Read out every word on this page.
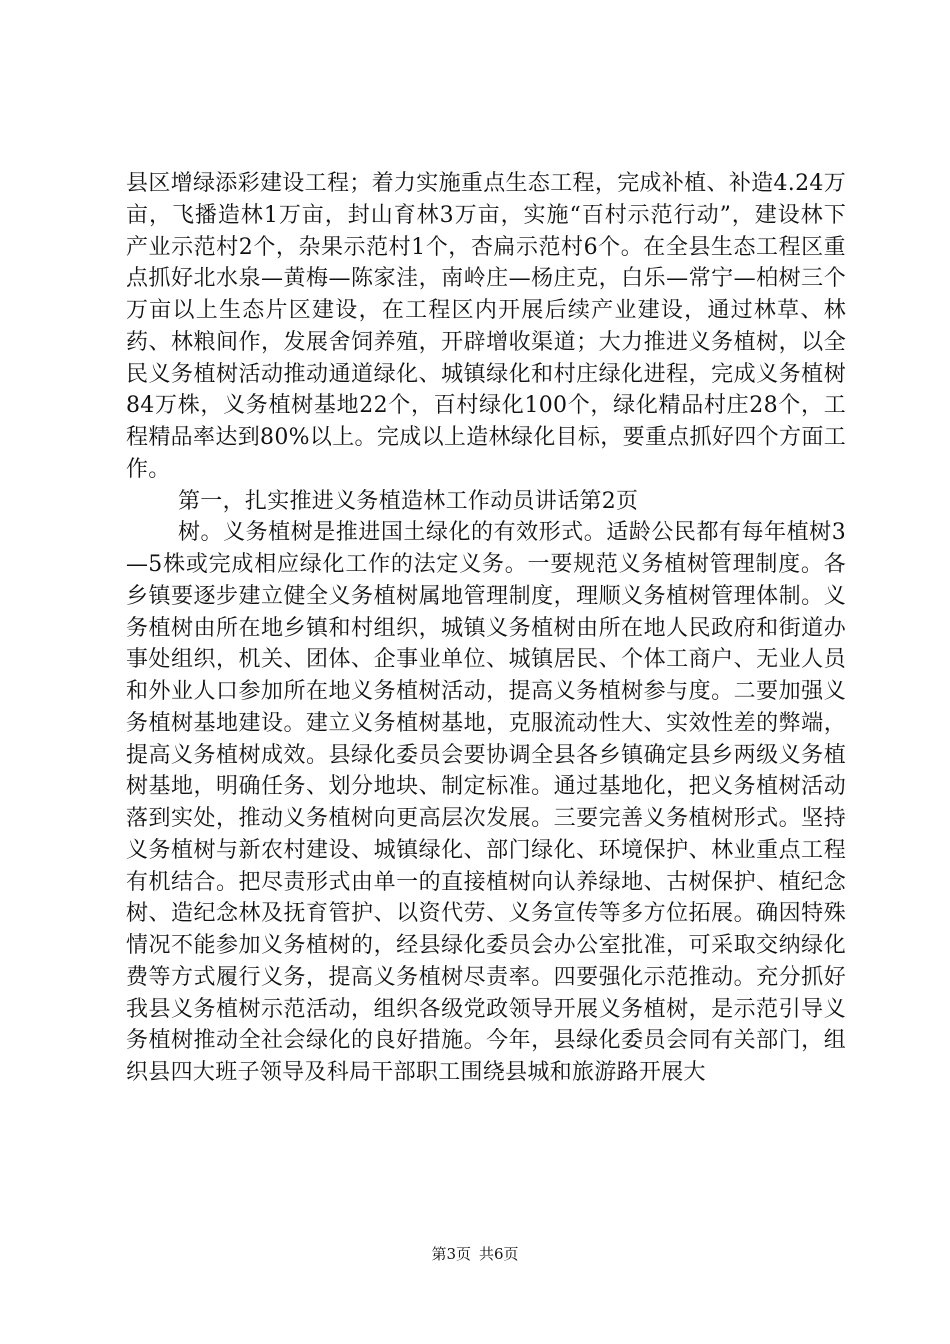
县区增绿添彩建设工程；着力实施重点生态工程，完成补植、补造4.24万亩，飞播造林1万亩，封山育林3万亩，实施“百村示范行动”，建设林下产业示范村2个，杂果示范村1个，杏扁示范村6个。在全县生态工程区重点抓好北水泉—黄梅—陈家洼，南岭庄—杨庄克，白乐—常宁—柏树三个万亩以上生态片区建设，在工程区内开展后续产业建设，通过林草、林药、林粮间作，发展舍饲养殖，开辟增收渠道；大力推进义务植树，以全民义务植树活动推动通道绿化、城镇绿化和村庄绿化进程，完成义务植树84万株，义务植树基地22个，百村绿化100个，绿化精品村庄28个，工程精品率达到80%以上。完成以上造林绿化目标，要重点抓好四个方面工作。

第一，扎实推进义务植造林工作动员讲话第2页

树。义务植树是推进国土绿化的有效形式。适龄公民都有每年植树3—5株或完成相应绿化工作的法定义务。一要规范义务植树管理制度。各乡镇要逐步建立健全义务植树属地管理制度，理顺义务植树管理体制。义务植树由所在地乡镇和村组织，城镇义务植树由所在地人民政府和街道办事处组织，机关、团体、企事业单位、城镇居民、个体工商户、无业人员和外业人口参加所在地义务植树活动，提高义务植树参与度。二要加强义务植树基地建设。建立义务植树基地，克服流动性大、实效性差的弊端，提高义务植树成效。县绿化委员会要协调全县各乡镇确定县乡两级义务植树基地，明确任务、划分地块、制定标准。通过基地化，把义务植树活动落到实处，推动义务植树向更高层次发展。三要完善义务植树形式。坚持义务植树与新农村建设、城镇绿化、部门绿化、环境保护、林业重点工程有机结合。把尽责形式由单一的直接植树向认养绿地、古树保护、植纪念树、造纪念林及抚育管护、以资代劳、义务宣传等多方位拓展。确因特殊情况不能参加义务植树的，经县绿化委员会办公室批准，可采取交纳绿化费等方式履行义务，提高义务植树尽责率。四要强化示范推动。充分抓好我县义务植树示范活动，组织各级党政领导开展义务植树，是示范引导义务植树推动全社会绿化的良好措施。今年，县绿化委员会同有关部门，组织县四大班子领导及科局干部职工围绕县城和旅游路开展大

第3页 共6页
